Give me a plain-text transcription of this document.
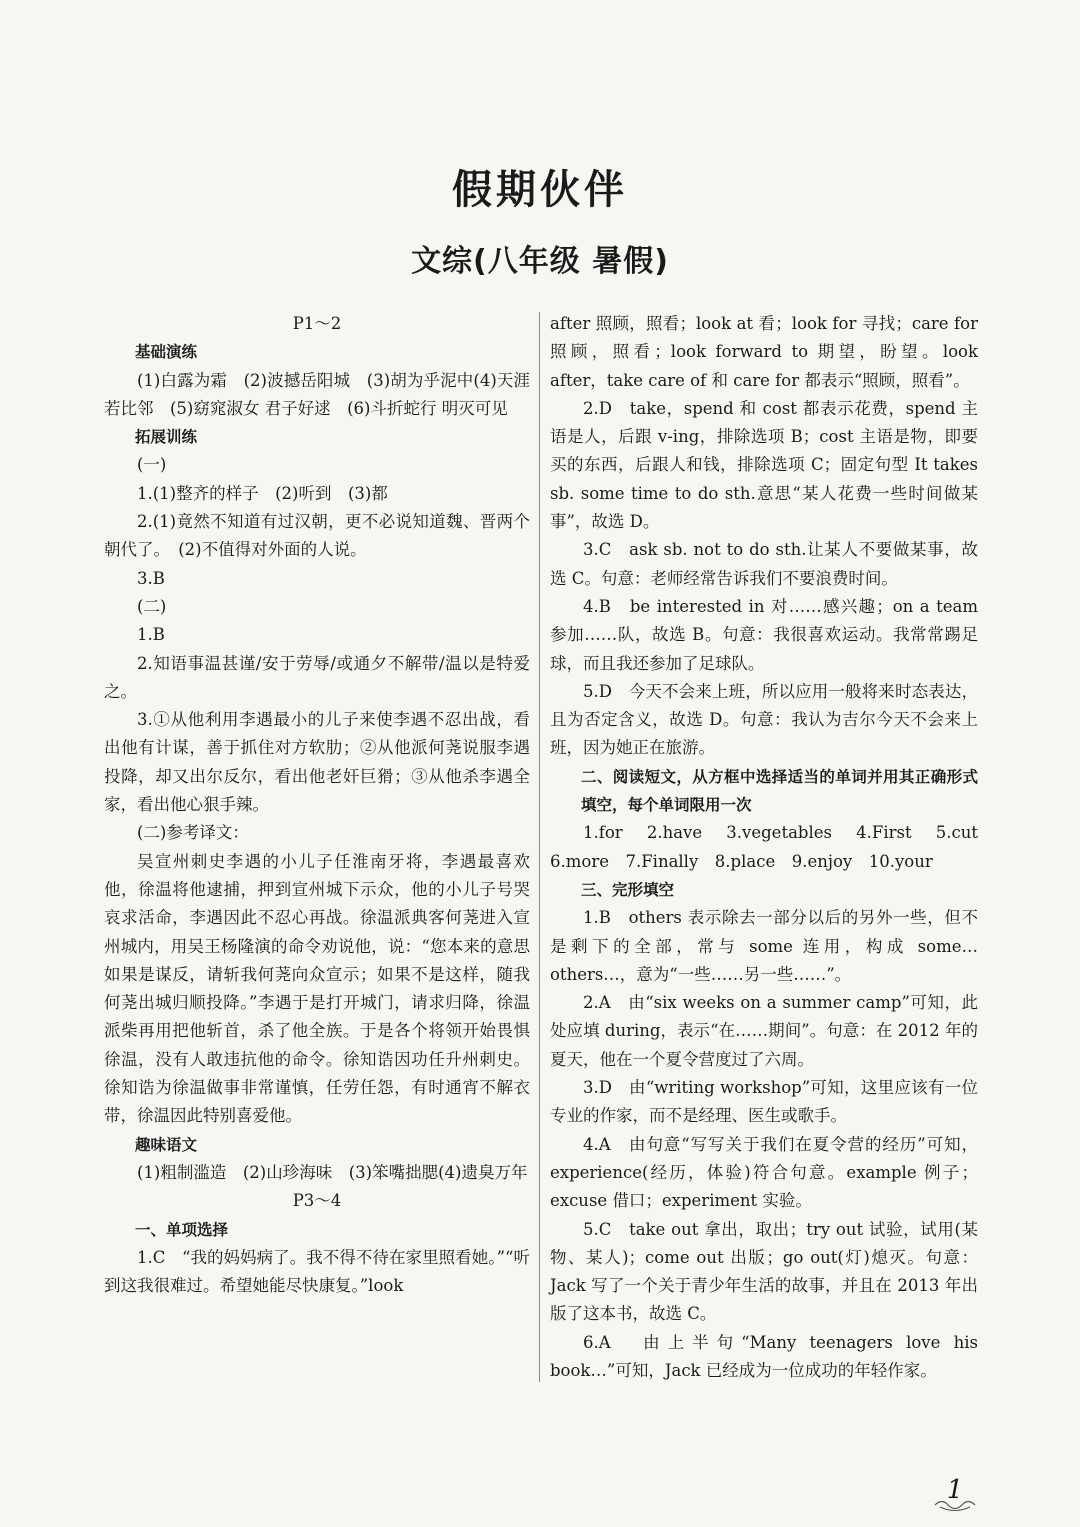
假期伙伴
文综(八年级 暑假)

P1～2

基础演练

(1)白露为霜　(2)波撼岳阳城　(3)胡为乎泥中(4)天涯若比邻　(5)窈窕淑女 君子好逑　(6)斗折蛇行 明灭可见

拓展训练

(一)

1.(1)整齐的样子　(2)听到　(3)都

2.(1)竟然不知道有过汉朝，更不必说知道魏、晋两个朝代了。　(2)不值得对外面的人说。

3.B

(二)

1.B

2.知语事温甚谨/安于劳辱/或通夕不解带/温以是特爱之。

3.①从他利用李遇最小的儿子来使李遇不忍出战，看出他有计谋，善于抓住对方软肋；②从他派何荛说服李遇投降，却又出尔反尔，看出他老奸巨猾；③从他杀李遇全家，看出他心狠手辣。

(二)参考译文：

吴宣州刺史李遇的小儿子任淮南牙将，李遇最喜欢他，徐温将他逮捕，押到宣州城下示众，他的小儿子号哭哀求活命，李遇因此不忍心再战。徐温派典客何荛进入宣州城内，用吴王杨隆演的命令劝说他，说：“您本来的意思如果是谋反，请斩我何荛向众宣示；如果不是这样，随我何荛出城归顺投降。”李遇于是打开城门，请求归降，徐温派柴再用把他斩首，杀了他全族。于是各个将领开始畏惧徐温，没有人敢违抗他的命令。徐知诰因功任升州刺史。徐知诰为徐温做事非常谨慎，任劳任怨，有时通宵不解衣带，徐温因此特别喜爱他。

趣味语文

(1)粗制滥造　(2)山珍海味　(3)笨嘴拙腮(4)遗臭万年

P3～4

一、单项选择

1.C　“我的妈妈病了。我不得不待在家里照看她。”“听到这我很难过。希望她能尽快康复。”look

after 照顾，照看；look at 看；look for 寻找；care for 照顾，照看；look forward to 期望，盼望。look after，take care of 和 care for 都表示“照顾，照看”。

2.D　take，spend 和 cost 都表示花费，spend 主语是人，后跟 v-ing，排除选项 B；cost 主语是物，即要买的东西，后跟人和钱，排除选项 C；固定句型 It takes sb. some time to do sth.意思“某人花费一些时间做某事”，故选 D。

3.C　ask sb. not to do sth.让某人不要做某事，故选 C。句意：老师经常告诉我们不要浪费时间。

4.B　be interested in 对……感兴趣；on a team 参加……队，故选 B。句意：我很喜欢运动。我常常踢足球，而且我还参加了足球队。

5.D　今天不会来上班，所以应用一般将来时态表达，且为否定含义，故选 D。句意：我认为吉尔今天不会来上班，因为她正在旅游。

二、阅读短文，从方框中选择适当的单词并用其正确形式填空，每个单词限用一次

1.for　2.have　3.vegetables　4.First　5.cut 6.more　7.Finally　8.place　9.enjoy　10.your

三、完形填空

1.B　others 表示除去一部分以后的另外一些，但不是剩下的全部，常与 some 连用，构成 some… others…，意为“一些……另一些……”。

2.A　由“six weeks on a summer camp”可知，此处应填 during，表示“在……期间”。句意：在 2012 年的夏天，他在一个夏令营度过了六周。

3.D　由“writing workshop”可知，这里应该有一位专业的作家，而不是经理、医生或歌手。

4.A　由句意“写写关于我们在夏令营的经历”可知，experience(经历，体验)符合句意。example 例子；excuse 借口；experiment 实验。

5.C　take out 拿出，取出；try out 试验，试用(某物、某人)；come out 出版；go out(灯)熄灭。句意：Jack 写了一个关于青少年生活的故事，并且在 2013 年出版了这本书，故选 C。

6.A　由上半句“Many teenagers love his book…”可知，Jack 已经成为一位成功的年轻作家。

1
